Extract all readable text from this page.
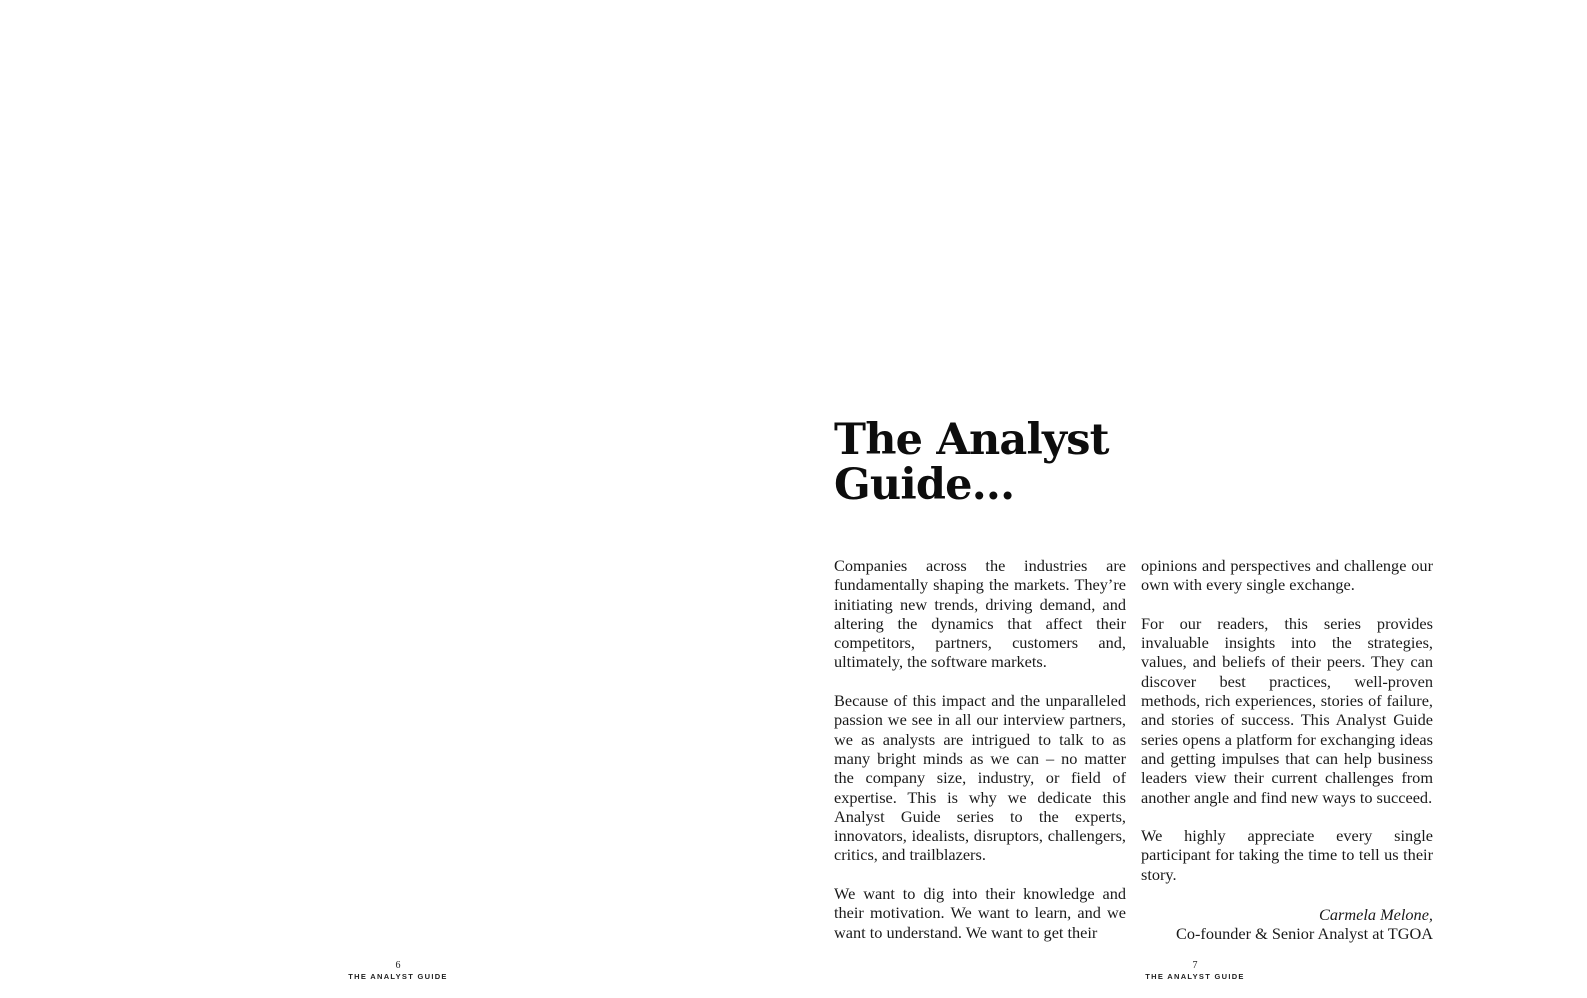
The Analyst
Guide...

Companies across the industries are fundamentally shaping the markets. They’re initiating new trends, driving demand, and altering the dynamics that affect their competitors, partners, customers and, ultimately, the software markets.

Because of this impact and the unparalleled passion we see in all our interview partners, we as analysts are intrigued to talk to as many bright minds as we can – no matter the company size, industry, or field of expertise. This is why we dedicate this Analyst Guide series to the experts, innovators, idealists, disruptors, challengers, critics, and trailblazers.

We want to dig into their knowledge and their motivation. We want to learn, and we want to understand. We want to get their

opinions and perspectives and challenge our own with every single exchange.

For our readers, this series provides invaluable insights into the strategies, values, and beliefs of their peers. They can discover best practices, well-proven methods, rich experiences, stories of failure, and stories of success. This Analyst Guide series opens a platform for exchanging ideas and getting impulses that can help business leaders view their current challenges from another angle and find new ways to succeed.

We highly appreciate every single participant for taking the time to tell us their story.

Carmela Melone,
Co-founder & Senior Analyst at TGOA
6
THE ANALYST GUIDE
7
THE ANALYST GUIDE
